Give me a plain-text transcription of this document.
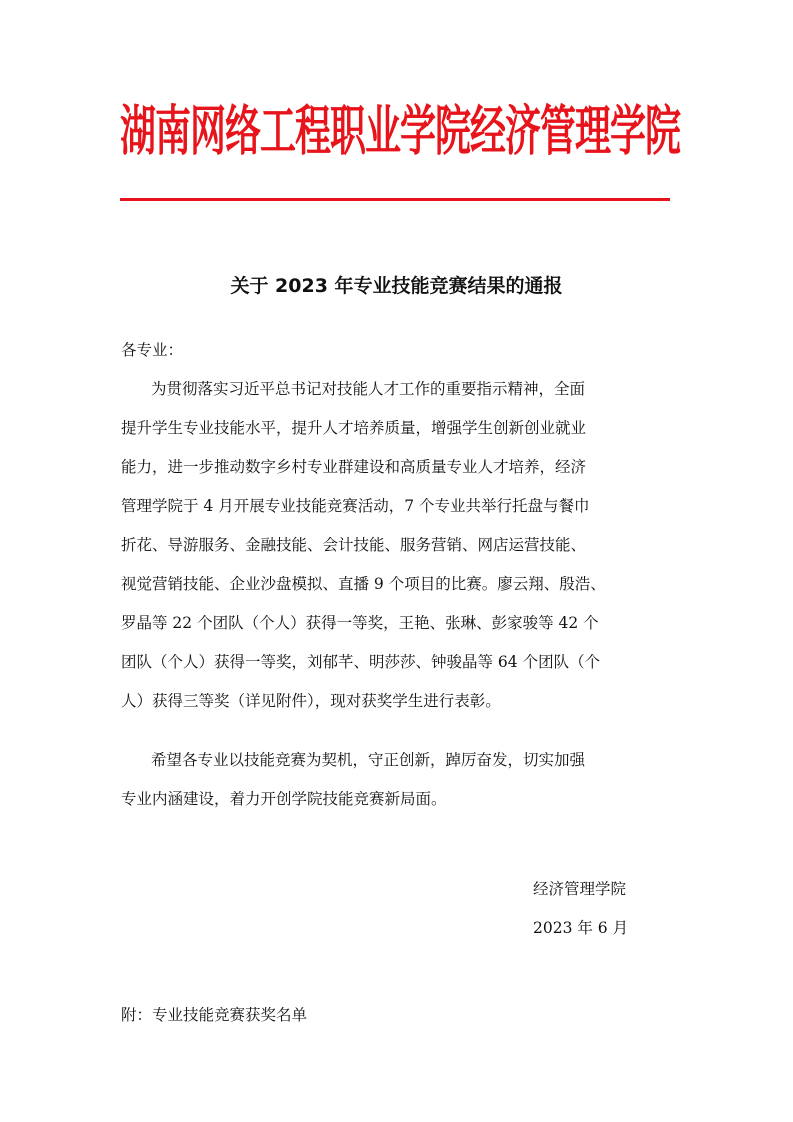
湖南网络工程职业学院经济管理学院
关于 2023 年专业技能竞赛结果的通报
各专业：
为贯彻落实习近平总书记对技能人才工作的重要指示精神，全面
提升学生专业技能水平，提升人才培养质量，增强学生创新创业就业
能力，进一步推动数字乡村专业群建设和高质量专业人才培养，经济
管理学院于 4 月开展专业技能竞赛活动，7 个专业共举行托盘与餐巾
折花、导游服务、金融技能、会计技能、服务营销、网店运营技能、
视觉营销技能、企业沙盘模拟、直播 9 个项目的比赛。廖云翔、殷浩、
罗晶等 22 个团队（个人）获得一等奖，王艳、张琳、彭家骏等 42 个
团队（个人）获得一等奖，刘郁芊、明莎莎、钟骏晶等 64 个团队（个
人）获得三等奖（详见附件），现对获奖学生进行表彰。
希望各专业以技能竞赛为契机，守正创新，踔厉奋发，切实加强
专业内涵建设，着力开创学院技能竞赛新局面。
经济管理学院
2023 年 6 月
附：专业技能竞赛获奖名单
